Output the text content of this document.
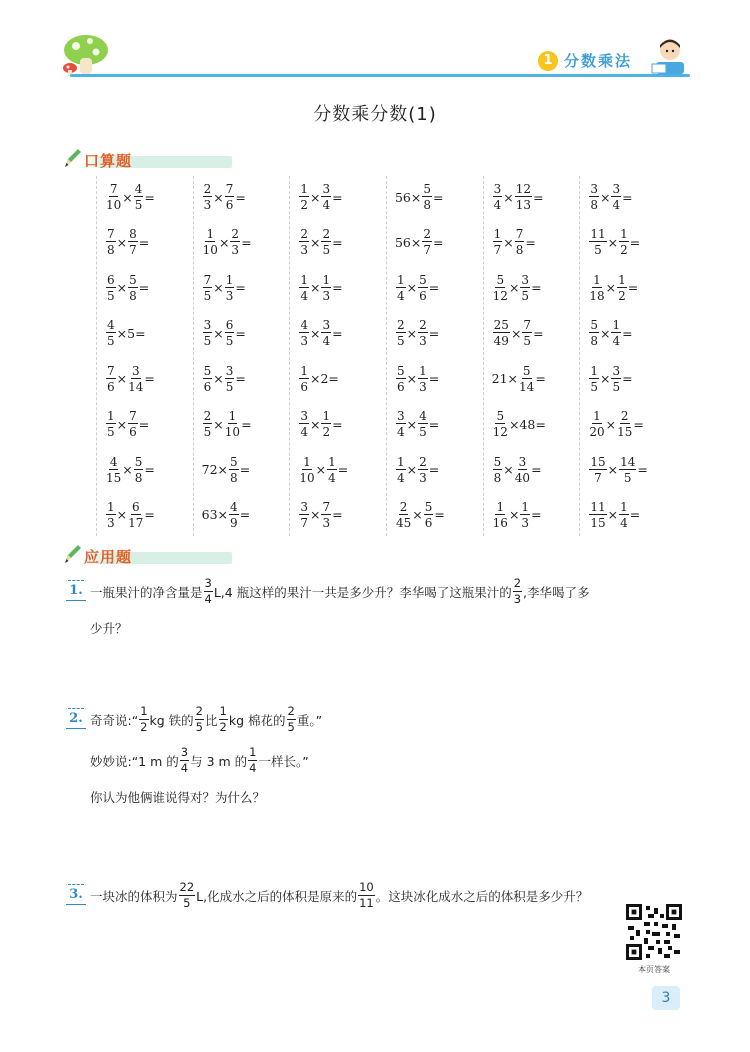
1 分数乘法
分数乘分数(1)
口算题
$\frac{7}{10} \times \frac{4}{5}$ =
$\frac{7}{8} \times \frac{8}{7}$ =
$\frac{6}{5} \times \frac{5}{8}$ =
$\frac{4}{5} \times 5=$
$\frac{7}{6} \times \frac{3}{14}$ =
$\frac{1}{5} \times \frac{7}{6}$ =
$\frac{4}{15} \times \frac{5}{8}$ =
$\frac{1}{3} \times \frac{6}{17}$ =
$\frac{2}{3} \times \frac{7}{6}$ =
$\frac{1}{10} \times \frac{2}{3}$ =
$\frac{7}{5} \times \frac{1}{3}$ =
$\frac{3}{5} \times \frac{6}{5}$ =
$\frac{5}{6} \times \frac{3}{5}$ =
$\frac{2}{5} \times \frac{1}{10}$ =
$72\times \frac{5}{8}$ =
$63\times \frac{4}{9}$ =
$\frac{1}{2} \times \frac{3}{4}$ =
$\frac{2}{3} \times \frac{2}{5}$ =
$\frac{1}{4} \times \frac{1}{3}$ =
$\frac{4}{3} \times \frac{3}{4}$ =
$\frac{1}{6} \times 2=$
$\frac{3}{4} \times \frac{1}{2}$ =
$\frac{1}{10} \times \frac{1}{4}$ =
$\frac{3}{7} \times \frac{7}{3}$ =
$56\times \frac{5}{8}$ =
$56\times \frac{2}{7}$ =
$\frac{1}{4} \times \frac{5}{6}$ =
$\frac{2}{5} \times \frac{2}{3}$ =
$\frac{5}{6} \times \frac{1}{3}$ =
$\frac{3}{4} \times \frac{4}{5}$ =
$\frac{1}{4} \times \frac{2}{3}$ =
$\frac{2}{45} \times \frac{5}{6}$ =
$\frac{3}{4} \times \frac{12}{13}$ =
$\frac{1}{7} \times \frac{7}{8}$ =
$\frac{5}{12} \times \frac{3}{5}$ =
$\frac{25}{49} \times \frac{7}{5}$ =
$21\times \frac{5}{14}$ =
$\frac{5}{12} \times 48=$
$\frac{5}{8} \times \frac{3}{40}$ =
$\frac{1}{16} \times \frac{1}{3}$ =
$\frac{3}{8} \times \frac{3}{4}$ =
$\frac{11}{5} \times \frac{1}{2}$ =
$\frac{1}{18} \times \frac{1}{2}$ =
$\frac{5}{8} \times \frac{1}{4}$ =
$\frac{1}{5} \times \frac{3}{5}$ =
$\frac{1}{20} \times \frac{2}{15}$ =
$\frac{15}{7} \times \frac{14}{5}$ =
$\frac{11}{15} \times \frac{1}{4}$ =
应用题
1. 一瓶果汁的净含量是 $\frac{3}{4} L,4$ 瓶这样的果汁一共是多少升？李华喝了这瓶果汁的 $\frac{2}{3}$ ,李华喝了多
少升？
2. 奇奇说:“ $\frac{1}{2}$ kg 铁的 $\frac{2}{5}$ 比 $\frac{1}{2}$ kg 棉花的 $\frac{2}{5}$ 重。”
妙妙说:“1 m 的 $\frac{3}{4}$ 与 3 m 的 $\frac{1}{4}$ 一样长。”
你认为他俩谁说得对？为什么？
3. 一块冰的体积为 $\frac{22}{5} L$,化成水之后的体积是原来的 $\frac{10}{11}$ 。这块冰化成水之后的体积是多少升？
本页答案
3
